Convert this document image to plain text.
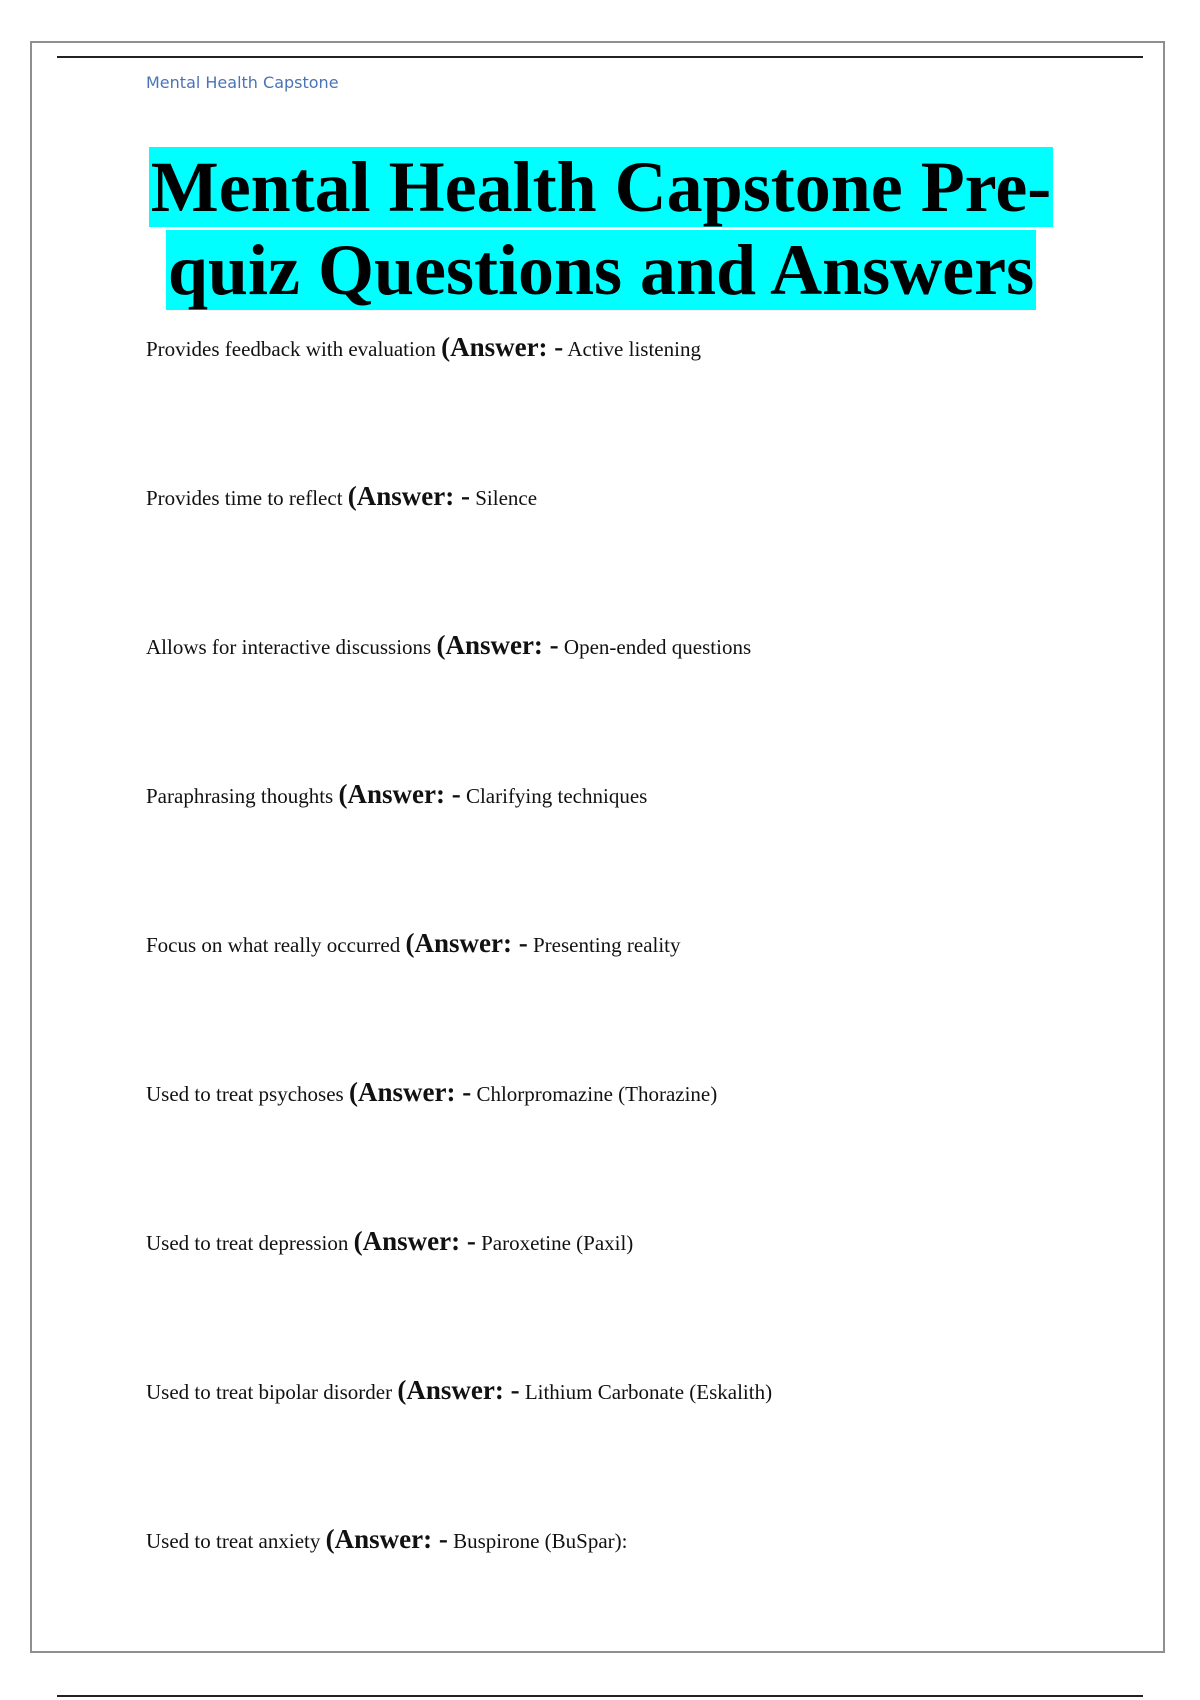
Mental Health Capstone
Mental Health Capstone Pre-
quiz Questions and Answers
Provides feedback with evaluation (Answer: - Active listening
Provides time to reflect (Answer: - Silence
Allows for interactive discussions (Answer: - Open-ended questions
Paraphrasing thoughts (Answer: - Clarifying techniques
Focus on what really occurred (Answer: - Presenting reality
Used to treat psychoses (Answer: - Chlorpromazine (Thorazine)
Used to treat depression (Answer: - Paroxetine (Paxil)
Used to treat bipolar disorder (Answer: - Lithium Carbonate (Eskalith)
Used to treat anxiety (Answer: - Buspirone (BuSpar):
